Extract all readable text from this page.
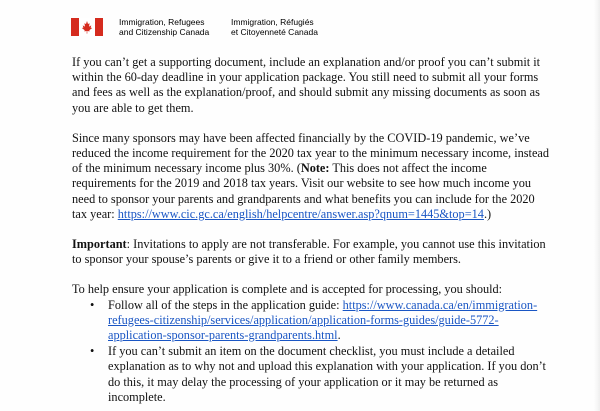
Immigration, Refugees
and Citizenship Canada
Immigration, Réfugiés
et Citoyenneté Canada

If you can’t get a supporting document, include an explanation and/or proof you can’t submit it
within the 60-day deadline in your application package. You still need to submit all your forms
and fees as well as the explanation/proof, and should submit any missing documents as soon as
you are able to get them.

Since many sponsors may have been affected financially by the COVID-19 pandemic, we’ve
reduced the income requirement for the 2020 tax year to the minimum necessary income, instead
of the minimum necessary income plus 30%. (Note: This does not affect the income
requirements for the 2019 and 2018 tax years. Visit our website to see how much income you
need to sponsor your parents and grandparents and what benefits you can include for the 2020
tax year: https://www.cic.gc.ca/english/helpcentre/answer.asp?qnum=1445&top=14.)

Important: Invitations to apply are not transferable. For example, you cannot use this invitation
to sponsor your spouse’s parents or give it to a friend or other family members.

To help ensure your application is complete and is accepted for processing, you should:
• Follow all of the steps in the application guide: https://www.canada.ca/en/immigration-
refugees-citizenship/services/application/application-forms-guides/guide-5772-
application-sponsor-parents-grandparents.html.
• If you can’t submit an item on the document checklist, you must include a detailed
explanation as to why not and upload this explanation with your application. If you don’t
do this, it may delay the processing of your application or it may be returned as
incomplete.
